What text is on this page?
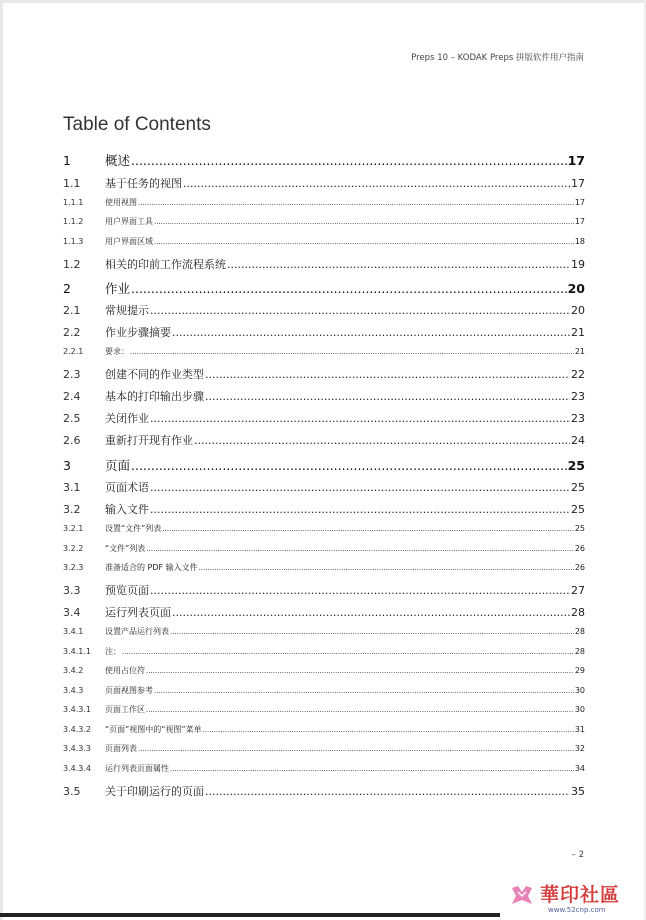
Preps 10 – KODAK Preps 拼版软件用户指南
Table of Contents
1	概述 .....	17
1.1	基于任务的视图 .....	17
1.1.1	使用视图 .....	17
1.1.2	用户界面工具 .....	17
1.1.3	用户界面区域 .....	18
1.2	相关的印前工作流程系统 .....	19
2	作业 .....	20
2.1	常规提示 .....	20
2.2	作业步骤摘要 .....	21
2.2.1	要求： .....	21
2.3	创建不同的作业类型 .....	22
2.4	基本的打印输出步骤 .....	23
2.5	关闭作业 .....	23
2.6	重新打开现有作业 .....	24
3	页面 .....	25
3.1	页面术语 .....	25
3.2	输入文件 .....	25
3.2.1	设置“文件”列表 .....	25
3.2.2	“文件”列表 .....	26
3.2.3	准备适合的 PDF 输入文件 .....	26
3.3	预览页面 .....	27
3.4	运行列表页面 .....	28
3.4.1	设置产品运行列表 .....	28
3.4.1.1	注： .....	28
3.4.2	使用占位符 .....	29
3.4.3	页面视图参考 .....	30
3.4.3.1	页面工作区 .....	30
3.4.3.2	“页面”视图中的“视图”菜单 .....	31
3.4.3.3	页面列表 .....	32
3.4.3.4	运行列表页面属性 .....	34
3.5	关于印刷运行的页面 .....	35
– 2
華印社區
www.52cnp.com
